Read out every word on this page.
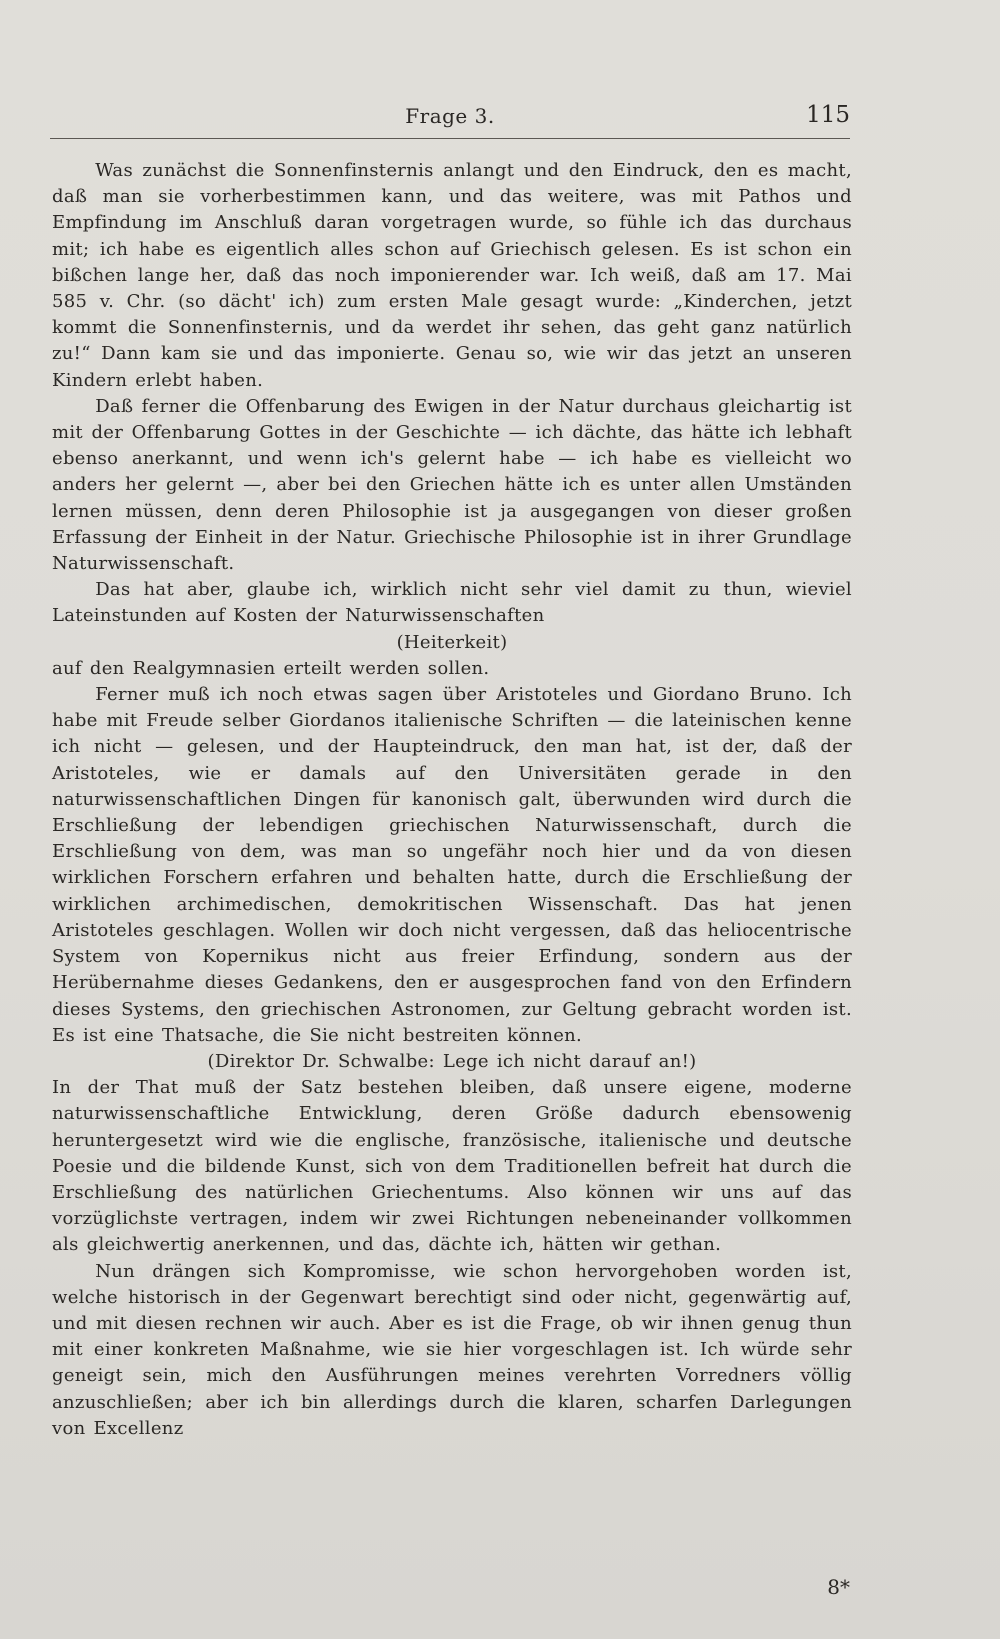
Frage 3.	115

Was zunächst die Sonnenfinsternis anlangt und den Eindruck, den es macht, daß man sie vorherbestimmen kann, und das weitere, was mit Pathos und Empfindung im Anschluß daran vorgetragen wurde, so fühle ich das durchaus mit; ich habe es eigentlich alles schon auf Griechisch gelesen. Es ist schon ein bißchen lange her, daß das noch imponierender war. Ich weiß, daß am 17. Mai 585 v. Chr. (so dächt' ich) zum ersten Male gesagt wurde: „Kinderchen, jetzt kommt die Sonnenfinsternis, und da werdet ihr sehen, das geht ganz natürlich zu!“ Dann kam sie und das imponierte. Genau so, wie wir das jetzt an unseren Kindern erlebt haben.

Daß ferner die Offenbarung des Ewigen in der Natur durchaus gleichartig ist mit der Offenbarung Gottes in der Geschichte — ich dächte, das hätte ich lebhaft ebenso anerkannt, und wenn ich's gelernt habe — ich habe es vielleicht wo anders her gelernt —, aber bei den Griechen hätte ich es unter allen Umständen lernen müssen, denn deren Philosophie ist ja ausgegangen von dieser großen Erfassung der Einheit in der Natur. Griechische Philosophie ist in ihrer Grundlage Naturwissenschaft.

Das hat aber, glaube ich, wirklich nicht sehr viel damit zu thun, wieviel Lateinstunden auf Kosten der Naturwissenschaften

(Heiterkeit)

auf den Realgymnasien erteilt werden sollen.

Ferner muß ich noch etwas sagen über Aristoteles und Giordano Bruno. Ich habe mit Freude selber Giordanos italienische Schriften — die lateinischen kenne ich nicht — gelesen, und der Haupteindruck, den man hat, ist der, daß der Aristoteles, wie er damals auf den Universitäten gerade in den naturwissenschaftlichen Dingen für kanonisch galt, überwunden wird durch die Erschließung der lebendigen griechischen Naturwissenschaft, durch die Erschließung von dem, was man so ungefähr noch hier und da von diesen wirklichen Forschern erfahren und behalten hatte, durch die Erschließung der wirklichen archimedischen, demokritischen Wissenschaft. Das hat jenen Aristoteles geschlagen. Wollen wir doch nicht vergessen, daß das heliocentrische System von Kopernikus nicht aus freier Erfindung, sondern aus der Herübernahme dieses Gedankens, den er ausgesprochen fand von den Erfindern dieses Systems, den griechischen Astronomen, zur Geltung gebracht worden ist. Es ist eine Thatsache, die Sie nicht bestreiten können.

(Direktor Dr. Schwalbe: Lege ich nicht darauf an!)

In der That muß der Satz bestehen bleiben, daß unsere eigene, moderne naturwissenschaftliche Entwicklung, deren Größe dadurch ebensowenig heruntergesetzt wird wie die englische, französische, italienische und deutsche Poesie und die bildende Kunst, sich von dem Traditionellen befreit hat durch die Erschließung des natürlichen Griechentums. Also können wir uns auf das vorzüglichste vertragen, indem wir zwei Richtungen nebeneinander vollkommen als gleichwertig anerkennen, und das, dächte ich, hätten wir gethan.

Nun drängen sich Kompromisse, wie schon hervorgehoben worden ist, welche historisch in der Gegenwart berechtigt sind oder nicht, gegenwärtig auf, und mit diesen rechnen wir auch. Aber es ist die Frage, ob wir ihnen genug thun mit einer konkreten Maßnahme, wie sie hier vorgeschlagen ist. Ich würde sehr geneigt sein, mich den Ausführungen meines verehrten Vorredners völlig anzuschließen; aber ich bin allerdings durch die klaren, scharfen Darlegungen von Excellenz

8*
